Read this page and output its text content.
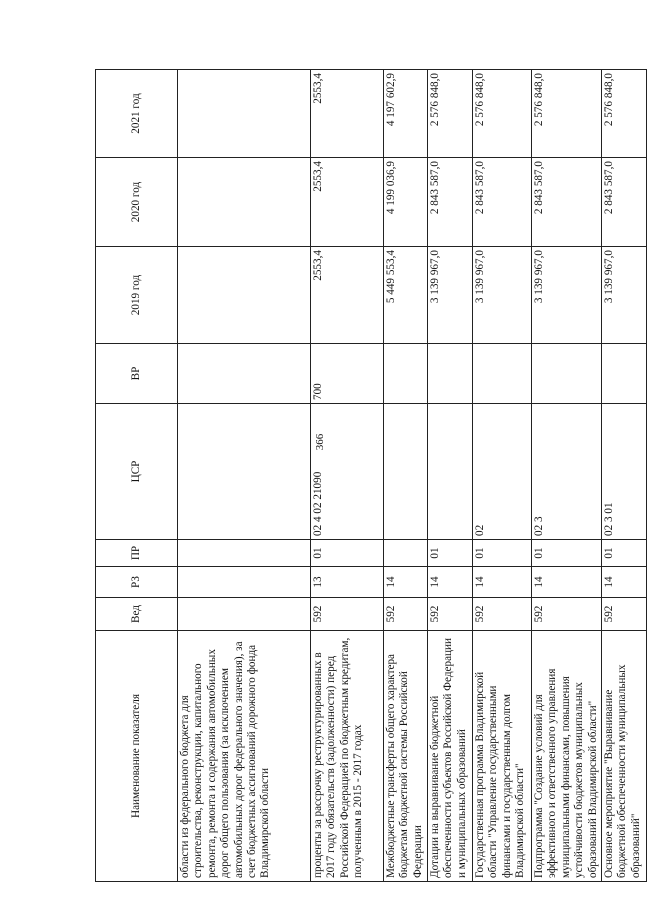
366
Наименование показателя	Вед	РЗ	ПР	ЦСР	ВР	2019 год	2020 год	2021 год
области из федерального бюджета для строительства, реконструкции, капитального ремонта, ремонта и содержания автомобильных дорог общего пользования (за исключением автомобильных дорог федерального значения), за счет бюджетных ассигнований дорожного фонда Владимирской области								
проценты за рассрочку реструктурированных в 2017 году обязательств (задолженности) перед Российской Федерацией по бюджетным кредитам, полученным в 2015 - 2017 годах	592	13	01	02 4 02 21090	700	2553,4	2553,4	2553,4
Межбюджетные трансферты общего характера бюджетам бюджетной системы Российской Федерации	592	14				5 449 553,4	4 199 036,9	4 197 602,9
Дотации на выравнивание бюджетной обеспеченности субъектов Российской Федерации и муниципальных образований	592	14	01			3 139 967,0	2 843 587,0	2 576 848,0
Государственная программа Владимирской области "Управление государственными финансами и государственным долгом Владимирской области"	592	14	01	02		3 139 967,0	2 843 587,0	2 576 848,0
Подпрограмма "Создание условий для эффективного и ответственного управления муниципальными финансами, повышения устойчивости бюджетов муниципальных образований Владимирской области"	592	14	01	02 3		3 139 967,0	2 843 587,0	2 576 848,0
Основное мероприятие "Выравнивание бюджетной обеспеченности муниципальных образований"	592	14	01	02 3 01		3 139 967,0	2 843 587,0	2 576 848,0
